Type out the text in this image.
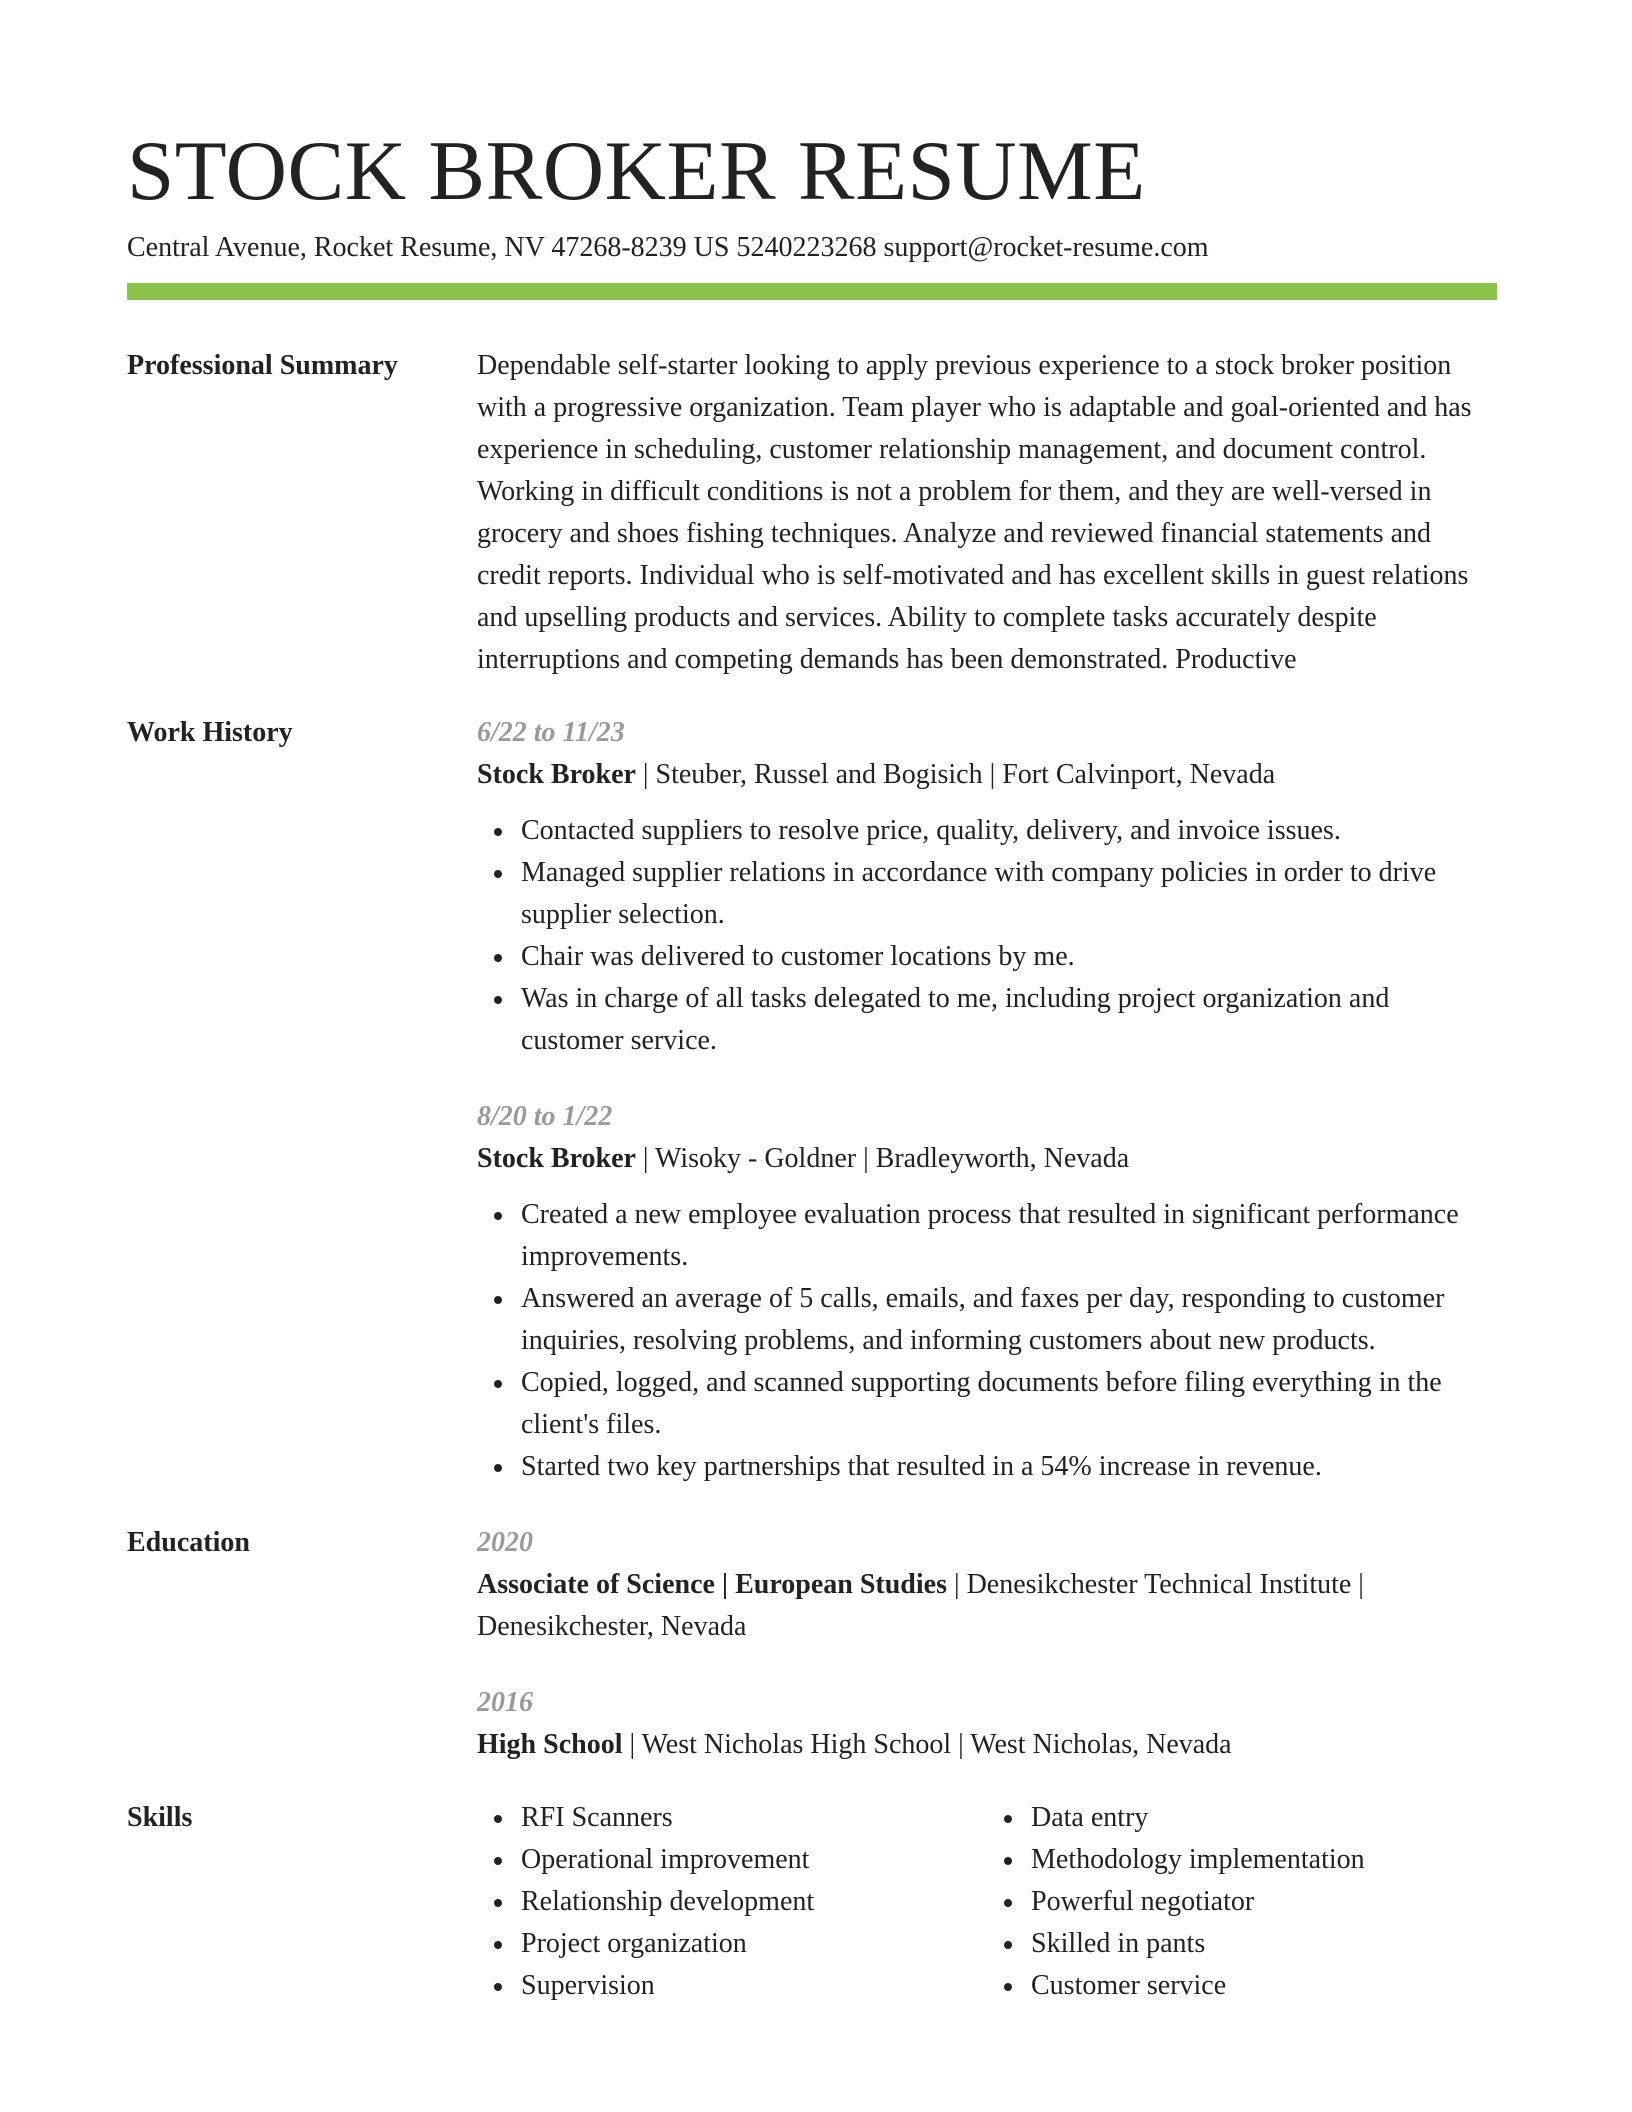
STOCK BROKER RESUME
Central Avenue, Rocket Resume, NV 47268-8239 US 5240223268 support@rocket-resume.com
Professional Summary	Dependable self-starter looking to apply previous experience to a stock broker position with a progressive organization. Team player who is adaptable and goal-oriented and has experience in scheduling, customer relationship management, and document control. Working in difficult conditions is not a problem for them, and they are well-versed in grocery and shoes fishing techniques. Analyze and reviewed financial statements and credit reports. Individual who is self-motivated and has excellent skills in guest relations and upselling products and services. Ability to complete tasks accurately despite interruptions and competing demands has been demonstrated. Productive

Work History	6/22 to 11/23
Stock Broker | Steuber, Russel and Bogisich | Fort Calvinport, Nevada
Contacted suppliers to resolve price, quality, delivery, and invoice issues.
Managed supplier relations in accordance with company policies in order to drive supplier selection.
Chair was delivered to customer locations by me.
Was in charge of all tasks delegated to me, including project organization and customer service.
8/20 to 1/22
Stock Broker | Wisoky - Goldner | Bradleyworth, Nevada
Created a new employee evaluation process that resulted in significant performance improvements.
Answered an average of 5 calls, emails, and faxes per day, responding to customer inquiries, resolving problems, and informing customers about new products.
Copied, logged, and scanned supporting documents before filing everything in the client's files.
Started two key partnerships that resulted in a 54% increase in revenue.
Education	2020
Associate of Science | European Studies | Denesikchester Technical Institute | Denesikchester, Nevada
2016
High School | West Nicholas High School | West Nicholas, Nevada
Skills	RFI Scanners
Operational improvement
Relationship development
Project organization
Supervision
Data entry
Methodology implementation
Powerful negotiator
Skilled in pants
Customer service
